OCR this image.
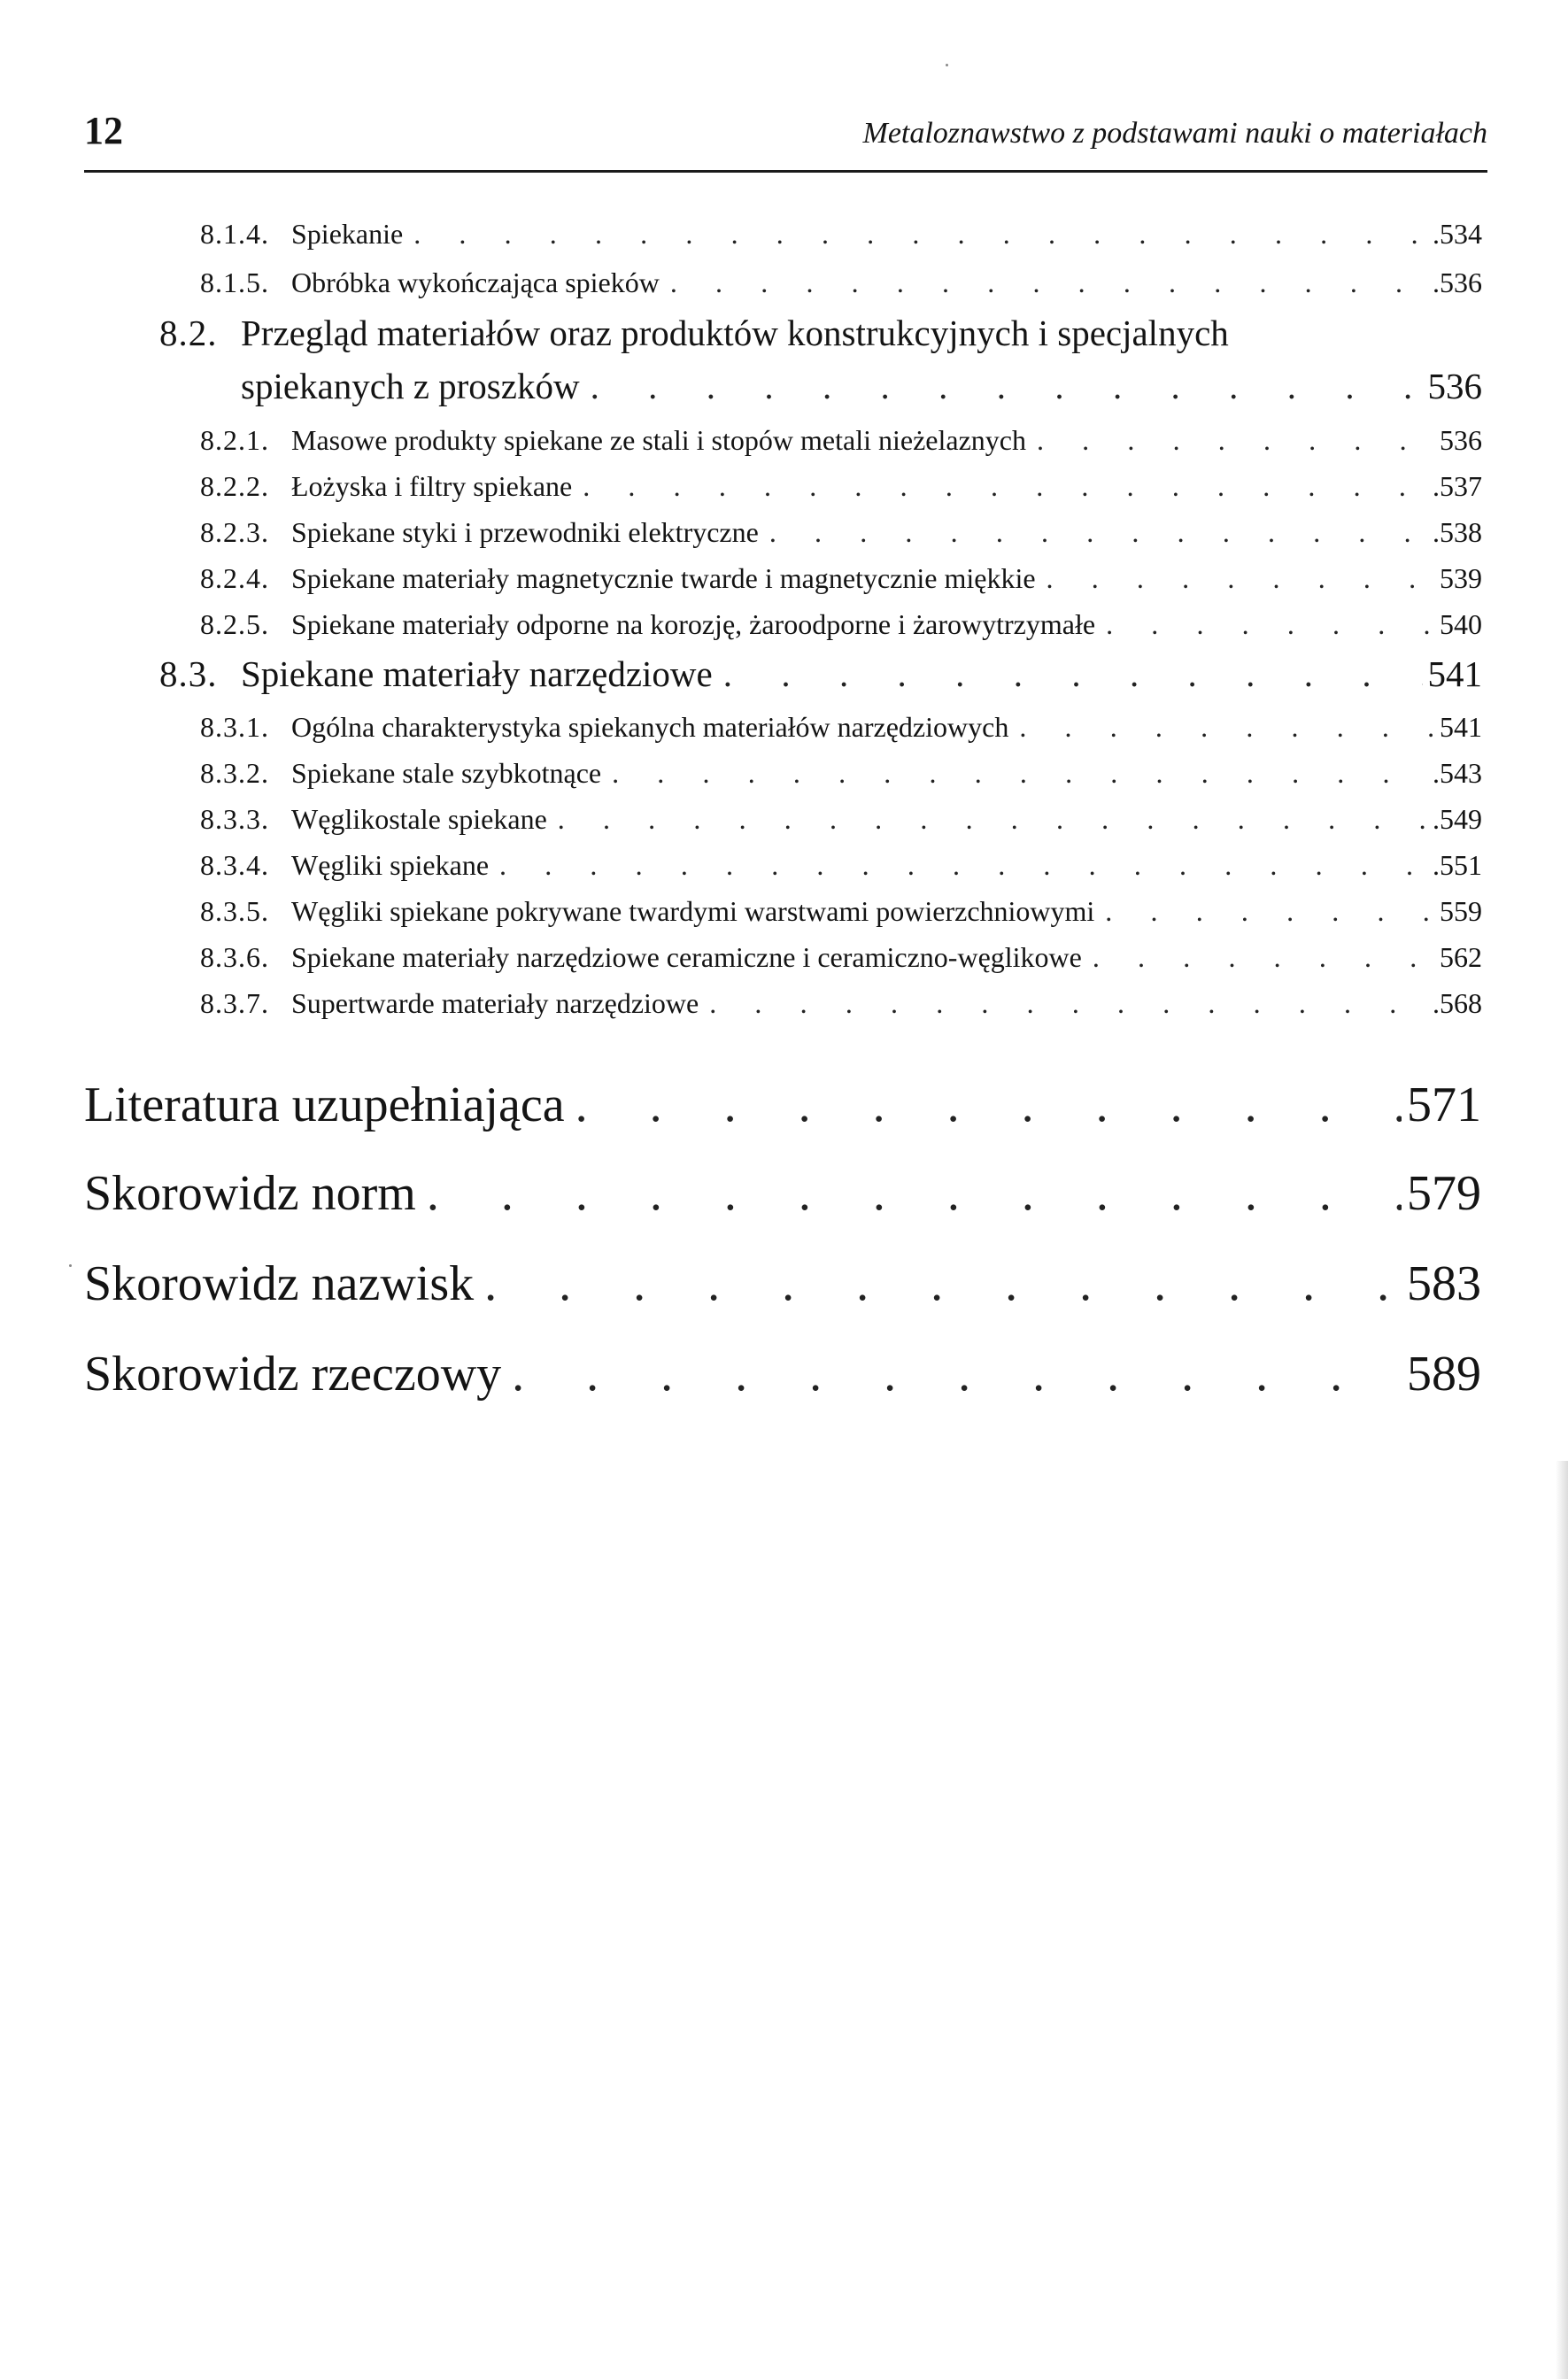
12	Metaloznawstwo z podstawami nauki o materiałach
8.1.4. Spiekanie . . .	.534
8.1.5. Obróbka wykończająca spieków . . .	.536
8.2. Przegląd materiałów oraz produktów konstrukcyjnych i specjalnych
spiekanych z proszków . . .	536
8.2.1. Masowe produkty spiekane ze stali i stopów metali nieżelaznych . . .	536
8.2.2. Łożyska i filtry spiekane . . .	.537
8.2.3. Spiekane styki i przewodniki elektryczne . . .	.538
8.2.4. Spiekane materiały magnetycznie twarde i magnetycznie miękkie . . .	539
8.2.5. Spiekane materiały odporne na korozję, żaroodporne i żarowytrzymałe . . .	540
8.3. Spiekane materiały narzędziowe . . .	541
8.3.1. Ogólna charakterystyka spiekanych materiałów narzędziowych . . .	541
8.3.2. Spiekane stale szybkotnące . . .	.543
8.3.3. Węglikostale spiekane . . .	.549
8.3.4. Węgliki spiekane . . .	.551
8.3.5. Węgliki spiekane pokrywane twardymi warstwami powierzchniowymi . . .	559
8.3.6. Spiekane materiały narzędziowe ceramiczne i ceramiczno-węglikowe . . .	562
8.3.7. Supertwarde materiały narzędziowe . . .	.568
Literatura uzupełniająca . . .	571
Skorowidz norm . . .	579
Skorowidz nazwisk . . .	583
Skorowidz rzeczowy . . .	589
